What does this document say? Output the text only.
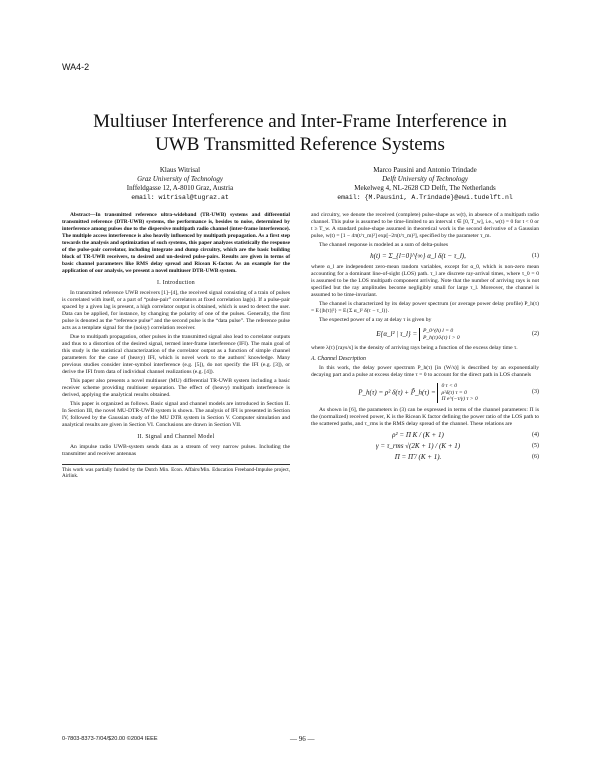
WA4-2
Multiuser Interference and Inter-Frame Interference in
UWB Transmitted Reference Systems
Klaus Witrisal
Graz University of Technology
Inffeldgasse 12, A-8010 Graz, Austria
email: witrisal@tugraz.at
Marco Pausini and Antonio Trindade
Delft University of Technology
Mekelweg 4, NL-2628 CD Delft, The Netherlands
email: {M.Pausini, A.Trindade}@ewi.tudelft.nl

Abstract—In transmitted reference ultra-wideband (TR-UWB) systems and differential transmitted reference (DTR-UWB) systems, the performance is, besides to noise, determined by interference among pulses due to the dispersive multipath radio channel (inter-frame interference). The multiple access interference is also heavily influenced by multipath propagation. As a first step towards the analysis and optimization of such systems, this paper analyzes statistically the response of the pulse-pair correlator, including integrate and dump circuitry, which are the basic building block of TR-UWB receivers, to desired and un-desired pulse-pairs. Results are given in terms of basic channel parameters like RMS delay spread and Ricean K-factor. As an example for the application of our analysis, we present a novel multiuser DTR-UWB system.

I. Introduction

In transmitted reference UWB receivers [1]–[4], the received signal consisting of a train of pulses is correlated with itself, or a part of “pulse-pair” correlators at fixed correlation lag(s). If a pulse-pair spaced by a given lag is present, a high correlator output is obtained, which is used to detect the user. Data can be applied, for instance, by changing the polarity of one of the pulses. Generally, the first pulse is denoted as the “reference pulse” and the second pulse is the “data pulse”. The reference pulse acts as a template signal for the (noisy) correlation receiver.

Due to multipath propagation, other pulses in the transmitted signal also lead to correlator outputs and thus to a distortion of the desired signal, termed inter-frame interference (IFI). The main goal of this study is the statistical characterization of the correlator output as a function of simple channel parameters for the case of (heavy) IFI, which is novel work to the authors' knowledge. Many previous studies consider inter-symbol interference (e.g. [5]), do not specify the IFI (e.g. [3]), or derive the IFI from data of individual channel realizations (e.g. [4]).

This paper also presents a novel multiuser (MU) differential TR-UWB system including a basic receiver scheme providing multiuser separation. The effect of (heavy) multipath interference is derived, applying the analytical results obtained.

This paper is organized as follows. Basic signal and channel models are introduced in Section II. In Section III, the novel MU-DTR-UWB system is shown. The analysis of IFI is presented in Section IV, followed by the Gaussian study of the MU DTR system in Section V. Computer simulation and analytical results are given in Section VI. Conclusions are drawn in Section VII.

II. Signal and Channel Model

An impulse radio UWB-system sends data as a stream of very narrow pulses. Including the transmitter and receiver antennas

This work was partially funded by the Dutch Min. Econ. Affairs/Min. Education Freeband-Impulse project, Airlink.

and circuitry, we denote the received (complete) pulse-shape as w(t), in absence of a multipath radio channel. This pulse is assumed to be time-limited to an interval t ∈ [0, T_w], i.e., w(t) = 0 for t < 0 or t ≥ T_w. A standard pulse-shape assumed in theoretical work is the second derivative of a Gaussian pulse, w(t) = [1 − 4π(t/τ_m)²] exp[−2π(t/τ_m)²], specified by the parameter τ_m.

The channel response is modeled as a sum of delta-pulses

h(t) = Σ_{l=0}^{∞} α_l δ(t − τ_l),	(1)

where α_l are independent zero-mean random variables, except for α_0, which is non-zero mean accounting for a dominant line-of-sight (LOS) path. τ_l are discrete ray-arrival times, where τ_0 = 0 is assumed to be the LOS multipath component arriving. Note that the number of arriving rays is not specified but the ray amplitudes become negligibly small for large τ_l. Moreover, the channel is assumed to be time-invariant.

The channel is characterized by its delay power spectrum (or average power delay profile) P_h(τ) = E{|h(τ)|²} = E{Σ α_l² δ(τ − τ_l)}.

The expected power of a ray at delay τ is given by

E{α_l² | τ_l} = P_0^(h) l = 0
P_h(τ)/λ(τ) l > 0
(2)

where λ(τ) [rays/s] is the density of arriving rays being a function of the excess delay time τ.

A. Channel Description

In this work, the delay power spectrum P_h(τ) [in (W/s)] is described by an exponentially decaying part and a pulse at excess delay time τ = 0 to account for the direct path in LOS channels

P_h(τ) = ρ² δ(τ) + P̃_h(τ) =
0 τ < 0
ρ²δ(τ) τ = 0
Π e^(−τ/γ) τ > 0
(3)

As shown in [6], the parameters in (3) can be expressed in terms of the channel parameters: Π is the (normalized) received power, K is the Ricean K factor defining the power ratio of the LOS path to the scattered paths, and τ_rms is the RMS delay spread of the channel. These relations are

ρ² = Π K / (K + 1)	(4)
γ = τ_rms √(2K + 1) / (K + 1)	(5)
Π = Π̃ / (K + 1).	(6)
0-7803-8373-7/04/$20.00 ©2004 IEEE	— 96 —
